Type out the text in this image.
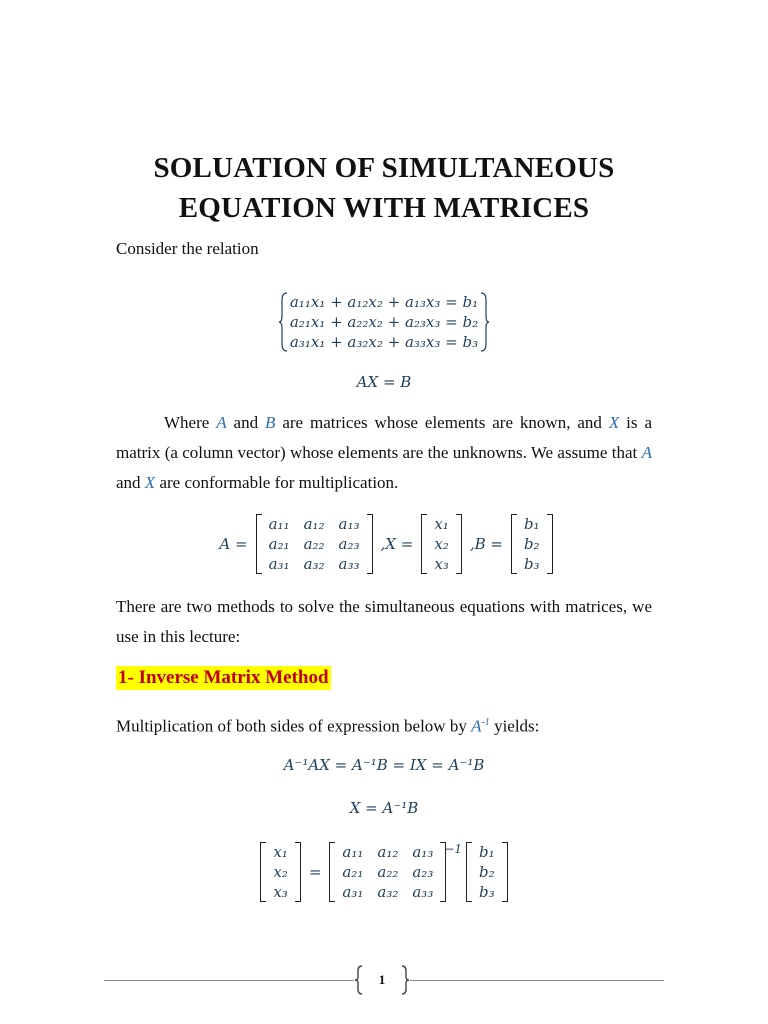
SOLUATION OF SIMULTANEOUS
EQUATION WITH MATRICES
Consider the relation
a₁₁x₁ + a₁₂x₂ + a₁₃x₃ = b₁
a₂₁x₁ + a₂₂x₂ + a₂₃x₃ = b₂
a₃₁x₁ + a₃₂x₂ + a₃₃x₃ = b₃
AX = B
Where A and B are matrices whose elements are known, and X is a matrix (a column vector) whose elements are the unknowns. We assume that A and X are conformable for multiplication.
A =
a₁₁	a₁₂	a₁₃
a₂₁	a₂₂	a₂₃
a₃₁	a₃₂	a₃₃
,X =
x₁
x₂
x₃
,B =
b₁
b₂
b₃
There are two methods to solve the simultaneous equations with matrices, we use in this lecture:
1- Inverse Matrix Method
Multiplication of both sides of expression below by $A^{-1}$ yields:
A⁻¹AX = A⁻¹B = IX = A⁻¹B
X = A⁻¹B
x₁
x₂
x₃
=
a₁₁	a₁₂	a₁₃
a₂₁	a₂₂	a₂₃
a₃₁	a₃₂	a₃₃
−1 b₁
b₂
b₃
1
